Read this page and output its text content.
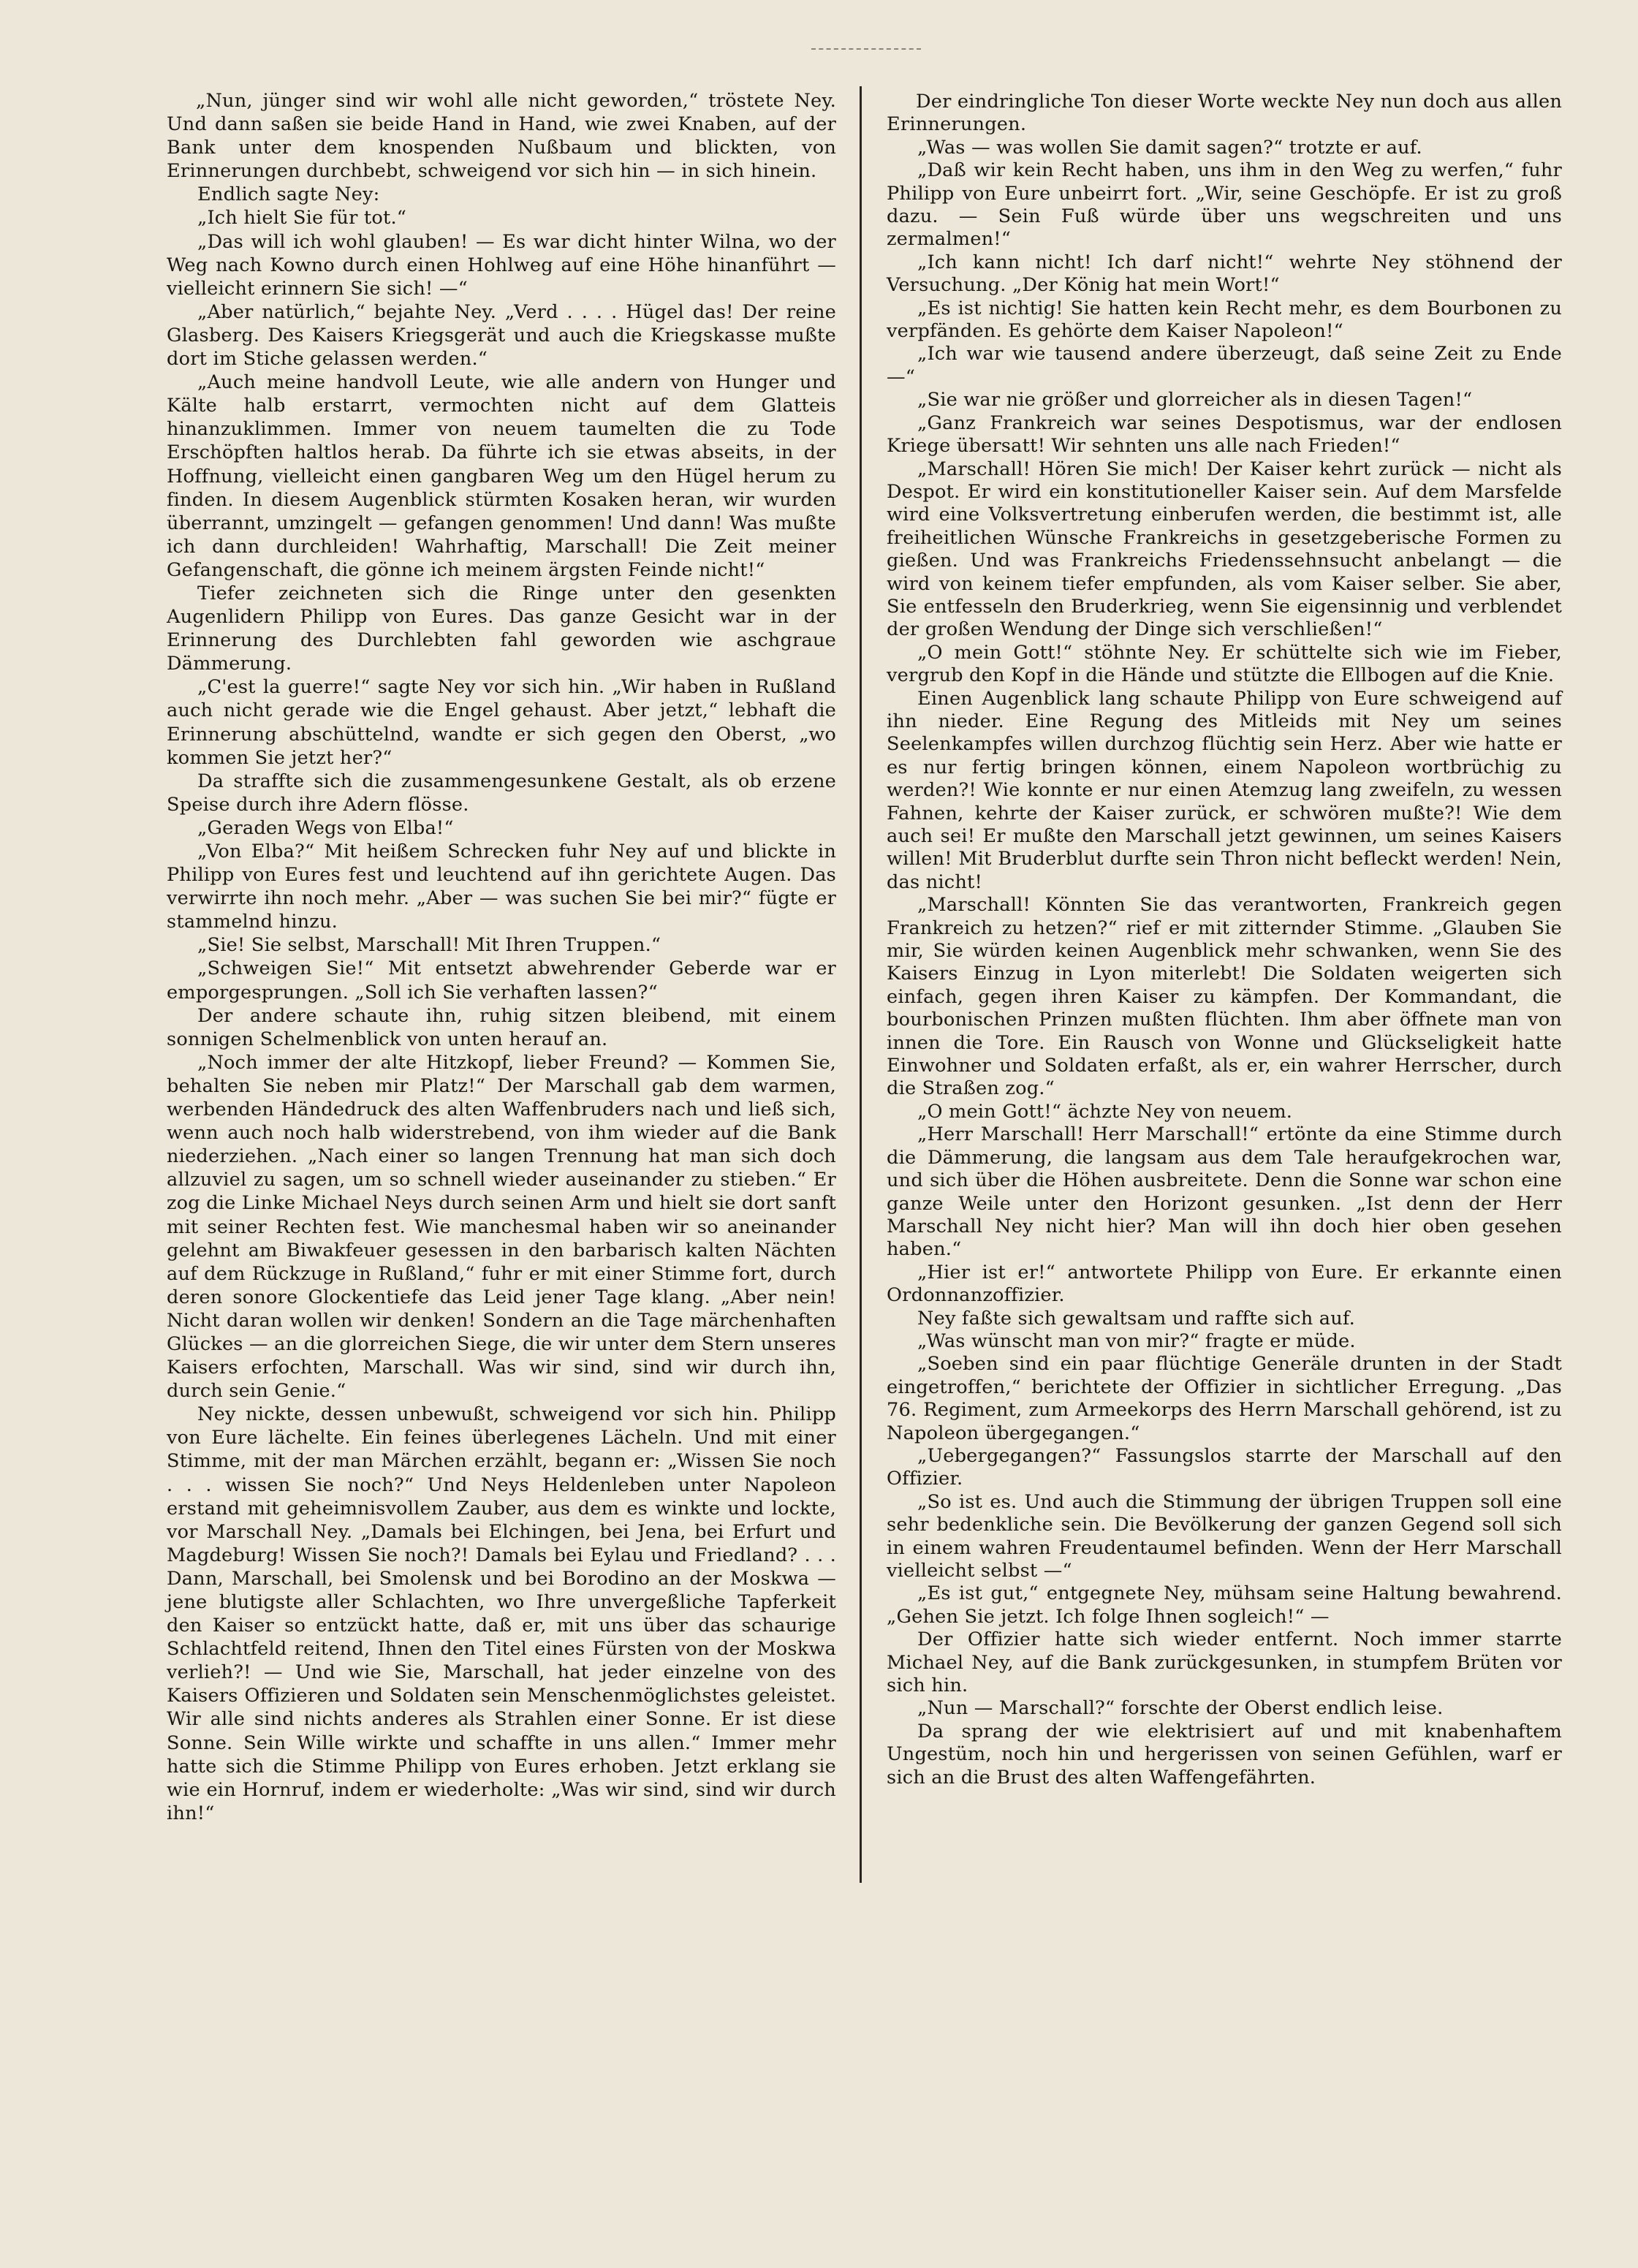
„Nun, jünger sind wir wohl alle nicht geworden,“ tröstete Ney. Und dann saßen sie beide Hand in Hand, wie zwei Knaben, auf der Bank unter dem knospenden Nußbaum und blickten, von Erinnerungen durchbebt, schweigend vor sich hin — in sich hinein.

Endlich sagte Ney:

„Ich hielt Sie für tot.“

„Das will ich wohl glauben! — Es war dicht hinter Wilna, wo der Weg nach Kowno durch einen Hohlweg auf eine Höhe hinanführt — vielleicht erinnern Sie sich! —“

„Aber natürlich,“ bejahte Ney. „Verd . . . . Hügel das! Der reine Glasberg. Des Kaisers Kriegsgerät und auch die Kriegskasse mußte dort im Stiche gelassen werden.“

„Auch meine handvoll Leute, wie alle andern von Hunger und Kälte halb erstarrt, vermochten nicht auf dem Glatteis hinanzuklimmen. Immer von neuem taumelten die zu Tode Erschöpften haltlos herab. Da führte ich sie etwas abseits, in der Hoffnung, vielleicht einen gangbaren Weg um den Hügel herum zu finden. In diesem Augenblick stürmten Kosaken heran, wir wurden überrannt, umzingelt — gefangen genommen! Und dann! Was mußte ich dann durchleiden! Wahrhaftig, Marschall! Die Zeit meiner Gefangenschaft, die gönne ich meinem ärgsten Feinde nicht!“

Tiefer zeichneten sich die Ringe unter den gesenkten Augenlidern Philipp von Eures. Das ganze Gesicht war in der Erinnerung des Durchlebten fahl geworden wie aschgraue Dämmerung.

„C'est la guerre!“ sagte Ney vor sich hin. „Wir haben in Rußland auch nicht gerade wie die Engel gehaust. Aber jetzt,“ lebhaft die Erinnerung abschüttelnd, wandte er sich gegen den Oberst, „wo kommen Sie jetzt her?“

Da straffte sich die zusammengesunkene Gestalt, als ob erzene Speise durch ihre Adern flösse.

„Geraden Wegs von Elba!“

„Von Elba?“ Mit heißem Schrecken fuhr Ney auf und blickte in Philipp von Eures fest und leuchtend auf ihn gerichtete Augen. Das verwirrte ihn noch mehr. „Aber — was suchen Sie bei mir?“ fügte er stammelnd hinzu.

„Sie! Sie selbst, Marschall! Mit Ihren Truppen.“

„Schweigen Sie!“ Mit entsetzt abwehrender Geberde war er emporgesprungen. „Soll ich Sie verhaften lassen?“

Der andere schaute ihn, ruhig sitzen bleibend, mit einem sonnigen Schelmenblick von unten herauf an.

„Noch immer der alte Hitzkopf, lieber Freund? — Kommen Sie, behalten Sie neben mir Platz!“ Der Marschall gab dem warmen, werbenden Händedruck des alten Waffenbruders nach und ließ sich, wenn auch noch halb widerstrebend, von ihm wieder auf die Bank niederziehen. „Nach einer so langen Trennung hat man sich doch allzuviel zu sagen, um so schnell wieder auseinander zu stieben.“ Er zog die Linke Michael Neys durch seinen Arm und hielt sie dort sanft mit seiner Rechten fest. Wie manchesmal haben wir so aneinander gelehnt am Biwakfeuer gesessen in den barbarisch kalten Nächten auf dem Rückzuge in Rußland,“ fuhr er mit einer Stimme fort, durch deren sonore Glockentiefe das Leid jener Tage klang. „Aber nein! Nicht daran wollen wir denken! Sondern an die Tage märchenhaften Glückes — an die glorreichen Siege, die wir unter dem Stern unseres Kaisers erfochten, Marschall. Was wir sind, sind wir durch ihn, durch sein Genie.“

Ney nickte, dessen unbewußt, schweigend vor sich hin. Philipp von Eure lächelte. Ein feines überlegenes Lächeln. Und mit einer Stimme, mit der man Märchen erzählt, begann er: „Wissen Sie noch . . . wissen Sie noch?“ Und Neys Heldenleben unter Napoleon erstand mit geheimnisvollem Zauber, aus dem es winkte und lockte, vor Marschall Ney. „Damals bei Elchingen, bei Jena, bei Erfurt und Magdeburg! Wissen Sie noch?! Damals bei Eylau und Friedland? . . . Dann, Marschall, bei Smolensk und bei Borodino an der Moskwa — jene blutigste aller Schlachten, wo Ihre unvergeßliche Tapferkeit den Kaiser so entzückt hatte, daß er, mit uns über das schaurige Schlachtfeld reitend, Ihnen den Titel eines Fürsten von der Moskwa verlieh?! — Und wie Sie, Marschall, hat jeder einzelne von des Kaisers Offizieren und Soldaten sein Menschenmöglichstes geleistet. Wir alle sind nichts anderes als Strahlen einer Sonne. Er ist diese Sonne. Sein Wille wirkte und schaffte in uns allen.“ Immer mehr hatte sich die Stimme Philipp von Eures erhoben. Jetzt erklang sie wie ein Hornruf, indem er wiederholte: „Was wir sind, sind wir durch ihn!“

Der eindringliche Ton dieser Worte weckte Ney nun doch aus allen Erinnerungen.

„Was — was wollen Sie damit sagen?“ trotzte er auf.

„Daß wir kein Recht haben, uns ihm in den Weg zu werfen,“ fuhr Philipp von Eure unbeirrt fort. „Wir, seine Geschöpfe. Er ist zu groß dazu. — Sein Fuß würde über uns wegschreiten und uns zermalmen!“

„Ich kann nicht! Ich darf nicht!“ wehrte Ney stöhnend der Versuchung. „Der König hat mein Wort!“

„Es ist nichtig! Sie hatten kein Recht mehr, es dem Bourbonen zu verpfänden. Es gehörte dem Kaiser Napoleon!“

„Ich war wie tausend andere überzeugt, daß seine Zeit zu Ende —“

„Sie war nie größer und glorreicher als in diesen Tagen!“

„Ganz Frankreich war seines Despotismus, war der endlosen Kriege übersatt! Wir sehnten uns alle nach Frieden!“

„Marschall! Hören Sie mich! Der Kaiser kehrt zurück — nicht als Despot. Er wird ein konstitutioneller Kaiser sein. Auf dem Marsfelde wird eine Volksvertretung einberufen werden, die bestimmt ist, alle freiheitlichen Wünsche Frankreichs in gesetzgeberische Formen zu gießen. Und was Frankreichs Friedenssehnsucht anbelangt — die wird von keinem tiefer empfunden, als vom Kaiser selber. Sie aber, Sie entfesseln den Bruderkrieg, wenn Sie eigensinnig und verblendet der großen Wendung der Dinge sich verschließen!“

„O mein Gott!“ stöhnte Ney. Er schüttelte sich wie im Fieber, vergrub den Kopf in die Hände und stützte die Ellbogen auf die Knie.

Einen Augenblick lang schaute Philipp von Eure schweigend auf ihn nieder. Eine Regung des Mitleids mit Ney um seines Seelenkampfes willen durchzog flüchtig sein Herz. Aber wie hatte er es nur fertig bringen können, einem Napoleon wortbrüchig zu werden?! Wie konnte er nur einen Atemzug lang zweifeln, zu wessen Fahnen, kehrte der Kaiser zurück, er schwören mußte?! Wie dem auch sei! Er mußte den Marschall jetzt gewinnen, um seines Kaisers willen! Mit Bruderblut durfte sein Thron nicht befleckt werden! Nein, das nicht!

„Marschall! Könnten Sie das verantworten, Frankreich gegen Frankreich zu hetzen?“ rief er mit zitternder Stimme. „Glauben Sie mir, Sie würden keinen Augenblick mehr schwanken, wenn Sie des Kaisers Einzug in Lyon miterlebt! Die Soldaten weigerten sich einfach, gegen ihren Kaiser zu kämpfen. Der Kommandant, die bourbonischen Prinzen mußten flüchten. Ihm aber öffnete man von innen die Tore. Ein Rausch von Wonne und Glückseligkeit hatte Einwohner und Soldaten erfaßt, als er, ein wahrer Herrscher, durch die Straßen zog.“

„O mein Gott!“ ächzte Ney von neuem.

„Herr Marschall! Herr Marschall!“ ertönte da eine Stimme durch die Dämmerung, die langsam aus dem Tale heraufgekrochen war, und sich über die Höhen ausbreitete. Denn die Sonne war schon eine ganze Weile unter den Horizont gesunken. „Ist denn der Herr Marschall Ney nicht hier? Man will ihn doch hier oben gesehen haben.“

„Hier ist er!“ antwortete Philipp von Eure. Er erkannte einen Ordonnanzoffizier.

Ney faßte sich gewaltsam und raffte sich auf.

„Was wünscht man von mir?“ fragte er müde.

„Soeben sind ein paar flüchtige Generäle drunten in der Stadt eingetroffen,“ berichtete der Offizier in sichtlicher Erregung. „Das 76. Regiment, zum Armeekorps des Herrn Marschall gehörend, ist zu Napoleon übergegangen.“

„Uebergegangen?“ Fassungslos starrte der Marschall auf den Offizier.

„So ist es. Und auch die Stimmung der übrigen Truppen soll eine sehr bedenkliche sein. Die Bevölkerung der ganzen Gegend soll sich in einem wahren Freudentaumel befinden. Wenn der Herr Marschall vielleicht selbst —“

„Es ist gut,“ entgegnete Ney, mühsam seine Haltung bewahrend. „Gehen Sie jetzt. Ich folge Ihnen sogleich!“ —

Der Offizier hatte sich wieder entfernt. Noch immer starrte Michael Ney, auf die Bank zurückgesunken, in stumpfem Brüten vor sich hin.

„Nun — Marschall?“ forschte der Oberst endlich leise.

Da sprang der wie elektrisiert auf und mit knabenhaftem Ungestüm, noch hin und hergerissen von seinen Gefühlen, warf er sich an die Brust des alten Waffengefährten.
